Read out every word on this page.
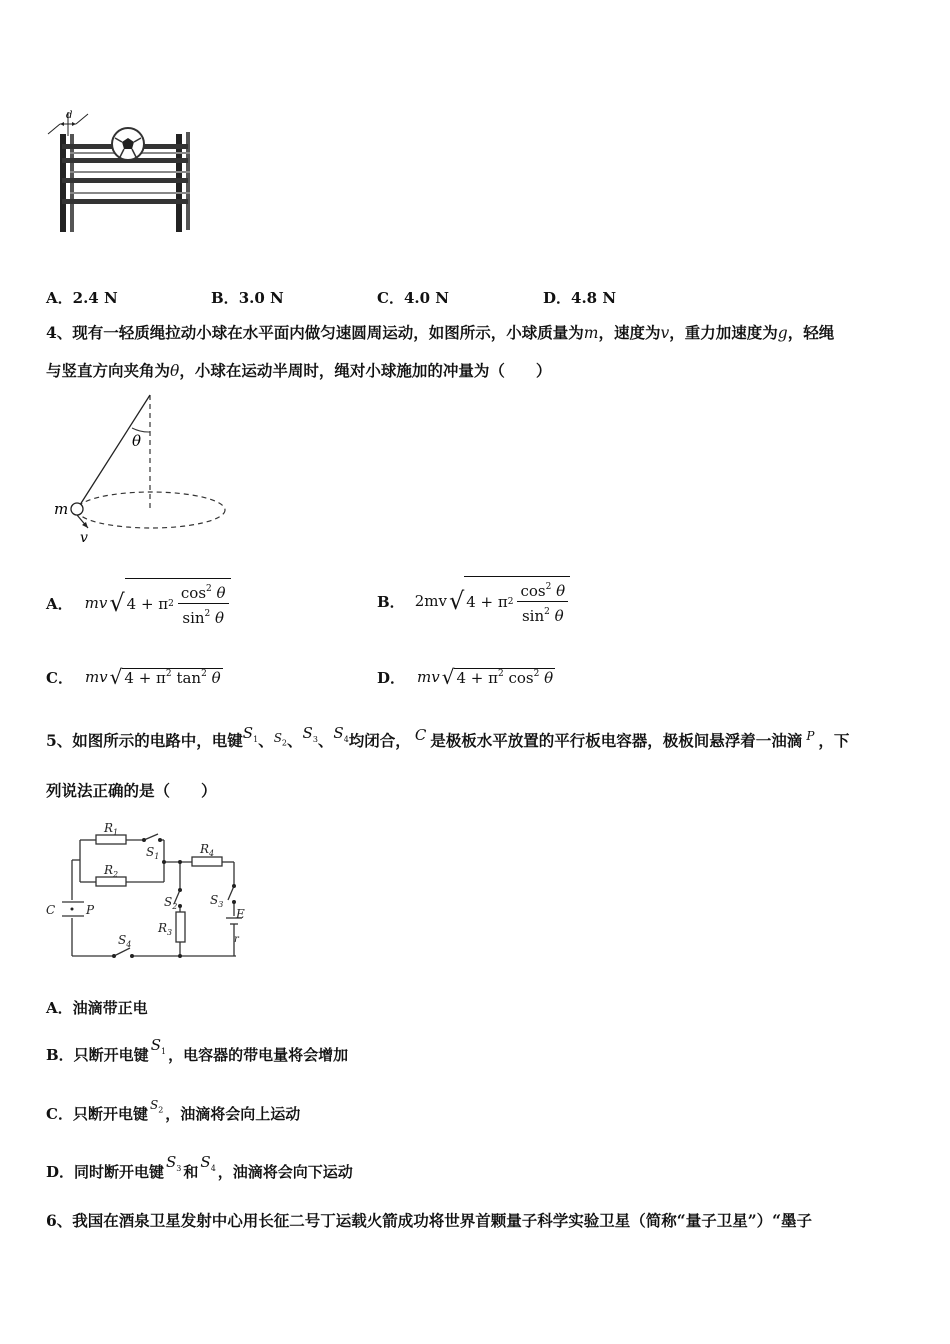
d
A．2.4 N	B．3.0 N	C．4.0 N	D．4.8 N
4、现有一轻质绳拉动小球在水平面内做匀速圆周运动，如图所示，小球质量为m，速度为v，重力加速度为g，轻绳
与竖直方向夹角为θ，小球在运动半周时，绳对小球施加的冲量为（　　）
θ
m
v
A． mv √ 4 + π $2 \frac{\cos^2 \theta}{\sin^2 \theta}$	B． 2mv √ 4 + π $2 \frac{\cos^2 \theta}{\sin^2 \theta}$
C． mv √ $4 + \pi^2$ $\tan^2 \theta$	D． mv √ $4 + \pi^2$ $\cos^2 \theta$
5、如图所示的电路中，电键$S_1$、$^{S_2}$、$S_3$、$S_4$均闭合， C 是极板水平放置的平行板电容器，极板间悬浮着一油滴 $^P$ ，下
列说法正确的是（　　）
$R_1$
$R_2$
$S_1$
$R_4$
$S_2$
$R_3$
$S_3$
$S_4$
C	P	E
r
A．油滴带正电
B．只断开电键$S_1$ ，电容器的带电量将会增加
C．只断开电键 $^{S_2}$ ，油滴将会向上运动
D．同时断开电键$S_3$ 和$S_4$ ，油滴将会向下运动
6、我国在酒泉卫星发射中心用长征二号丁运载火箭成功将世界首颗量子科学实验卫星（简称“量子卫星”）“墨子
